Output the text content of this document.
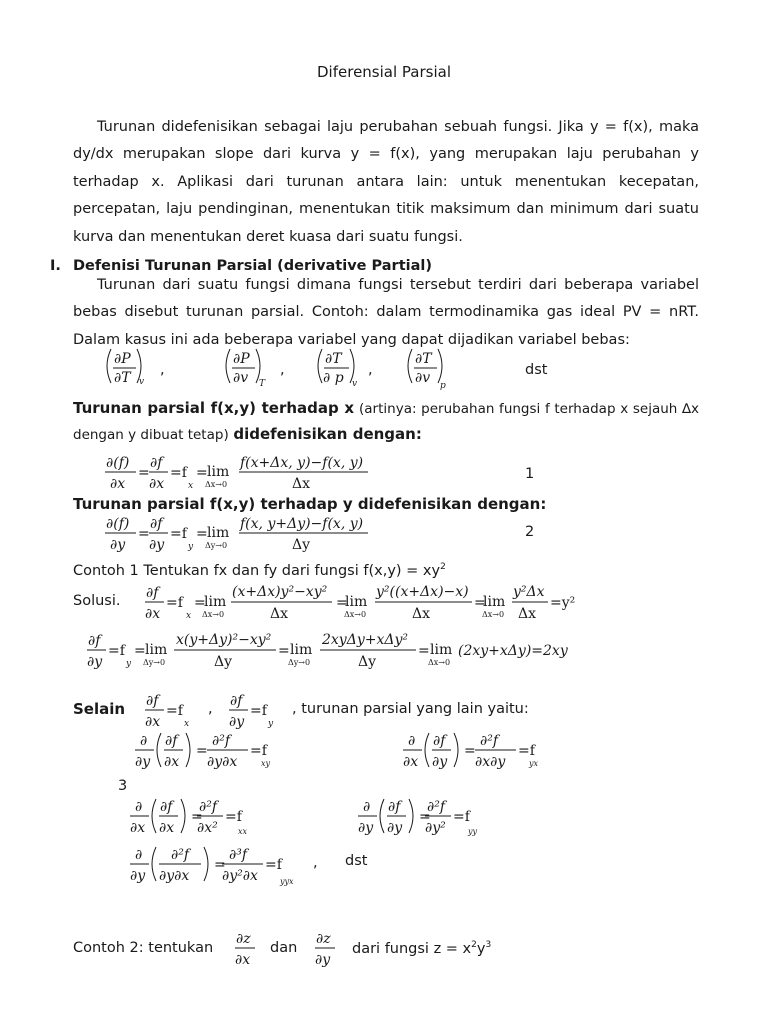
Diferensial Parsial
Turunan didefenisikan sebagai laju perubahan sebuah fungsi. Jika y = f(x), maka dy/dx merupakan slope dari kurva y = f(x), yang merupakan laju perubahan y terhadap x. Aplikasi dari turunan antara lain: untuk menentukan kecepatan, percepatan, laju pendinginan, menentukan titik maksimum dan minimum dari suatu kurva dan menentukan deret kuasa dari suatu fungsi.
I. Defenisi Turunan Parsial (derivative Partial)
Turunan dari suatu fungsi dimana fungsi tersebut terdiri dari beberapa variabel bebas disebut turunan parsial. Contoh: dalam termodinamika gas ideal PV = nRT. Dalam kasus ini ada beberapa variabel yang dapat dijadikan variabel bebas:
∂P
∂T v
∂P
∂v T
∂T
∂ p v
∂T
∂v p
,	,	,	dst
Turunan parsial f(x,y) terhadap x (artinya: perubahan fungsi f terhadap x sejauh ∆x dengan y dibuat tetap) didefenisikan dengan:
∂(f)
∂x
=
∂f
∂x
=f
x
= lim
Δx→0
f(x+Δx, y)−f(x, y)
Δx
1
Turunan parsial f(x,y) terhadap y didefenisikan dengan:
∂(f)
∂y
=
∂f
∂y
=f
y
= lim
Δy→0
f(x, y+Δy)−f(x, y)
Δy
2
Contoh 1 Tentukan fx dan fy dari fungsi $f(x,y) = xy^2$
Solusi. ∂f
∂x
=f
x
=
lim
Δx→0
(x+Δx)y²−xy²
Δx
=
lim
Δx→0
y²((x+Δx)−x)
Δx
=
lim
Δx→0
y²Δx
Δx
=y²
∂f
∂y
=f
y
= lim
Δy→0
x(y+Δy)²−xy²
Δy
= lim
Δy→0
2xyΔy+xΔy²
Δy
= lim
Δx→0
(2xy+xΔy)=2xy
Selain ∂f
∂x
=f
x
∂f
∂y
=f
y
,	, turunan parsial yang lain yaitu:
∂
∂y
∂f
∂x
=
∂²f
∂y∂x
=f
xy
∂
∂x
∂f
∂y
=
∂²f
∂x∂y
=f
yx
3
∂
∂x
∂f
∂x
=
∂²f
∂x²
=f
xx
∂
∂y
∂f
∂y
=
∂²f
∂y²
=f
yy
∂
∂y
∂²f
∂y∂x
=
∂³f
∂y²∂x
=f
yyx
, dst
Contoh 2: tentukan
∂z
∂x
dan
∂z
∂y
dari fungsi $z = x^2y^3$
